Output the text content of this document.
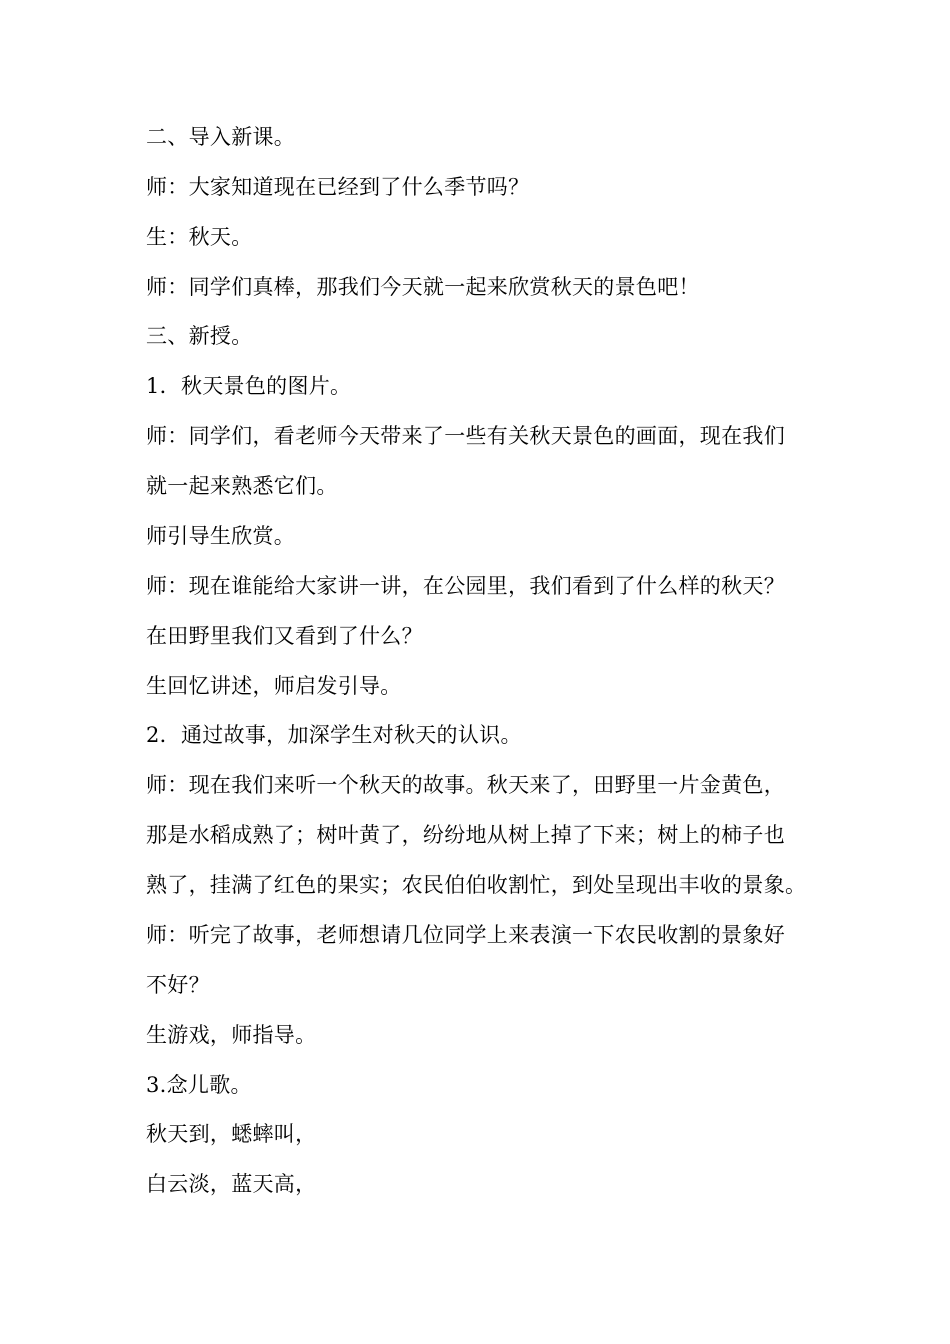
二、导入新课。
师：大家知道现在已经到了什么季节吗？
生：秋天。
师：同学们真棒，那我们今天就一起来欣赏秋天的景色吧！
三、新授。
1．秋天景色的图片。
师：同学们，看老师今天带来了一些有关秋天景色的画面，现在我们
就一起来熟悉它们。
师引导生欣赏。
师：现在谁能给大家讲一讲，在公园里，我们看到了什么样的秋天？
在田野里我们又看到了什么？
生回忆讲述，师启发引导。
2．通过故事，加深学生对秋天的认识。
师：现在我们来听一个秋天的故事。秋天来了，田野里一片金黄色，
那是水稻成熟了；树叶黄了，纷纷地从树上掉了下来；树上的柿子也
熟了，挂满了红色的果实；农民伯伯收割忙，到处呈现出丰收的景象。
师：听完了故事，老师想请几位同学上来表演一下农民收割的景象好
不好？
生游戏，师指导。
3.念儿歌。
秋天到，蟋蟀叫，
白云淡，蓝天高，
